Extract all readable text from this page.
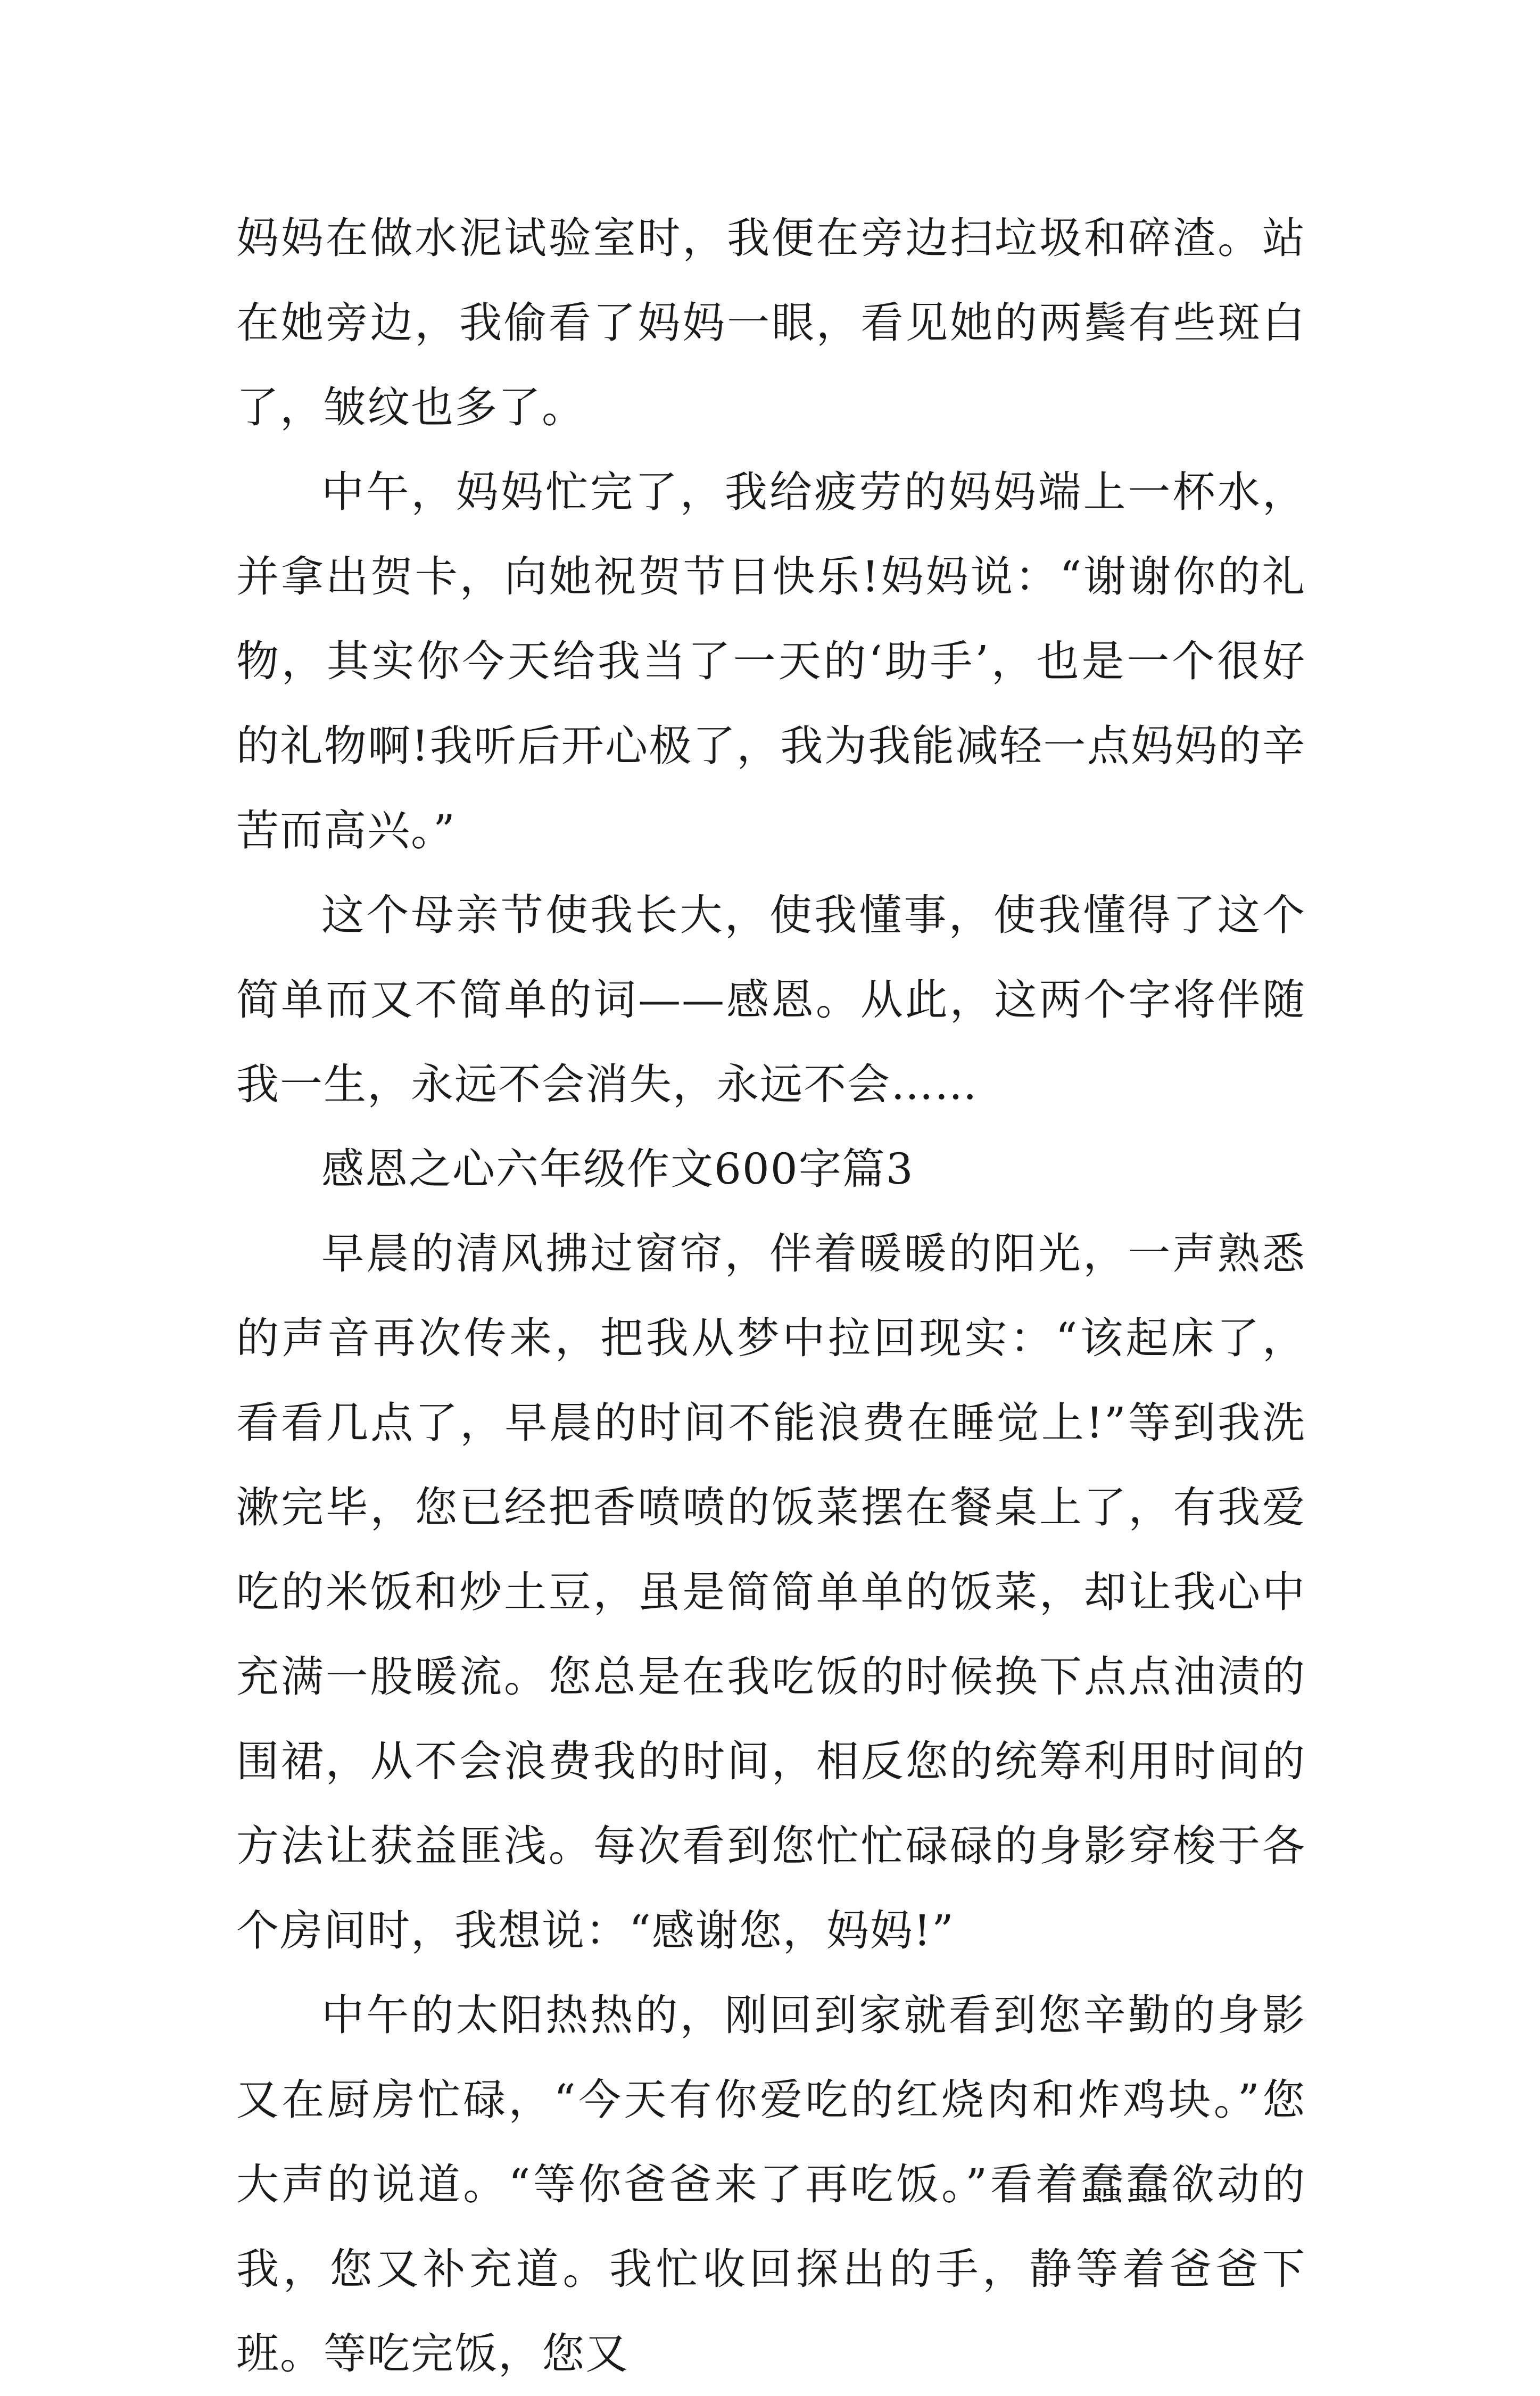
妈妈在做水泥试验室时，我便在旁边扫垃圾和碎渣。站在她旁边，我偷看了妈妈一眼，看见她的两鬓有些斑白了，皱纹也多了。

中午，妈妈忙完了，我给疲劳的妈妈端上一杯水，并拿出贺卡，向她祝贺节日快乐!妈妈说：“谢谢你的礼物，其实你今天给我当了一天的‘助手’，也是一个很好的礼物啊!我听后开心极了，我为我能减轻一点妈妈的辛苦而高兴。”

这个母亲节使我长大，使我懂事，使我懂得了这个简单而又不简单的词——感恩。从此，这两个字将伴随我一生，永远不会消失，永远不会……

感恩之心六年级作文600字篇3

早晨的清风拂过窗帘，伴着暖暖的阳光，一声熟悉的声音再次传来，把我从梦中拉回现实：“该起床了，看看几点了，早晨的时间不能浪费在睡觉上!”等到我洗漱完毕，您已经把香喷喷的饭菜摆在餐桌上了，有我爱吃的米饭和炒土豆，虽是简简单单的饭菜，却让我心中充满一股暖流。您总是在我吃饭的时候换下点点油渍的围裙，从不会浪费我的时间，相反您的统筹利用时间的方法让获益匪浅。每次看到您忙忙碌碌的身影穿梭于各个房间时，我想说：“感谢您，妈妈!”

中午的太阳热热的，刚回到家就看到您辛勤的身影又在厨房忙碌，“今天有你爱吃的红烧肉和炸鸡块。”您大声的说道。“等你爸爸来了再吃饭。”看着蠢蠢欲动的我，您又补充道。我忙收回探出的手，静等着爸爸下班。等吃完饭，您又
